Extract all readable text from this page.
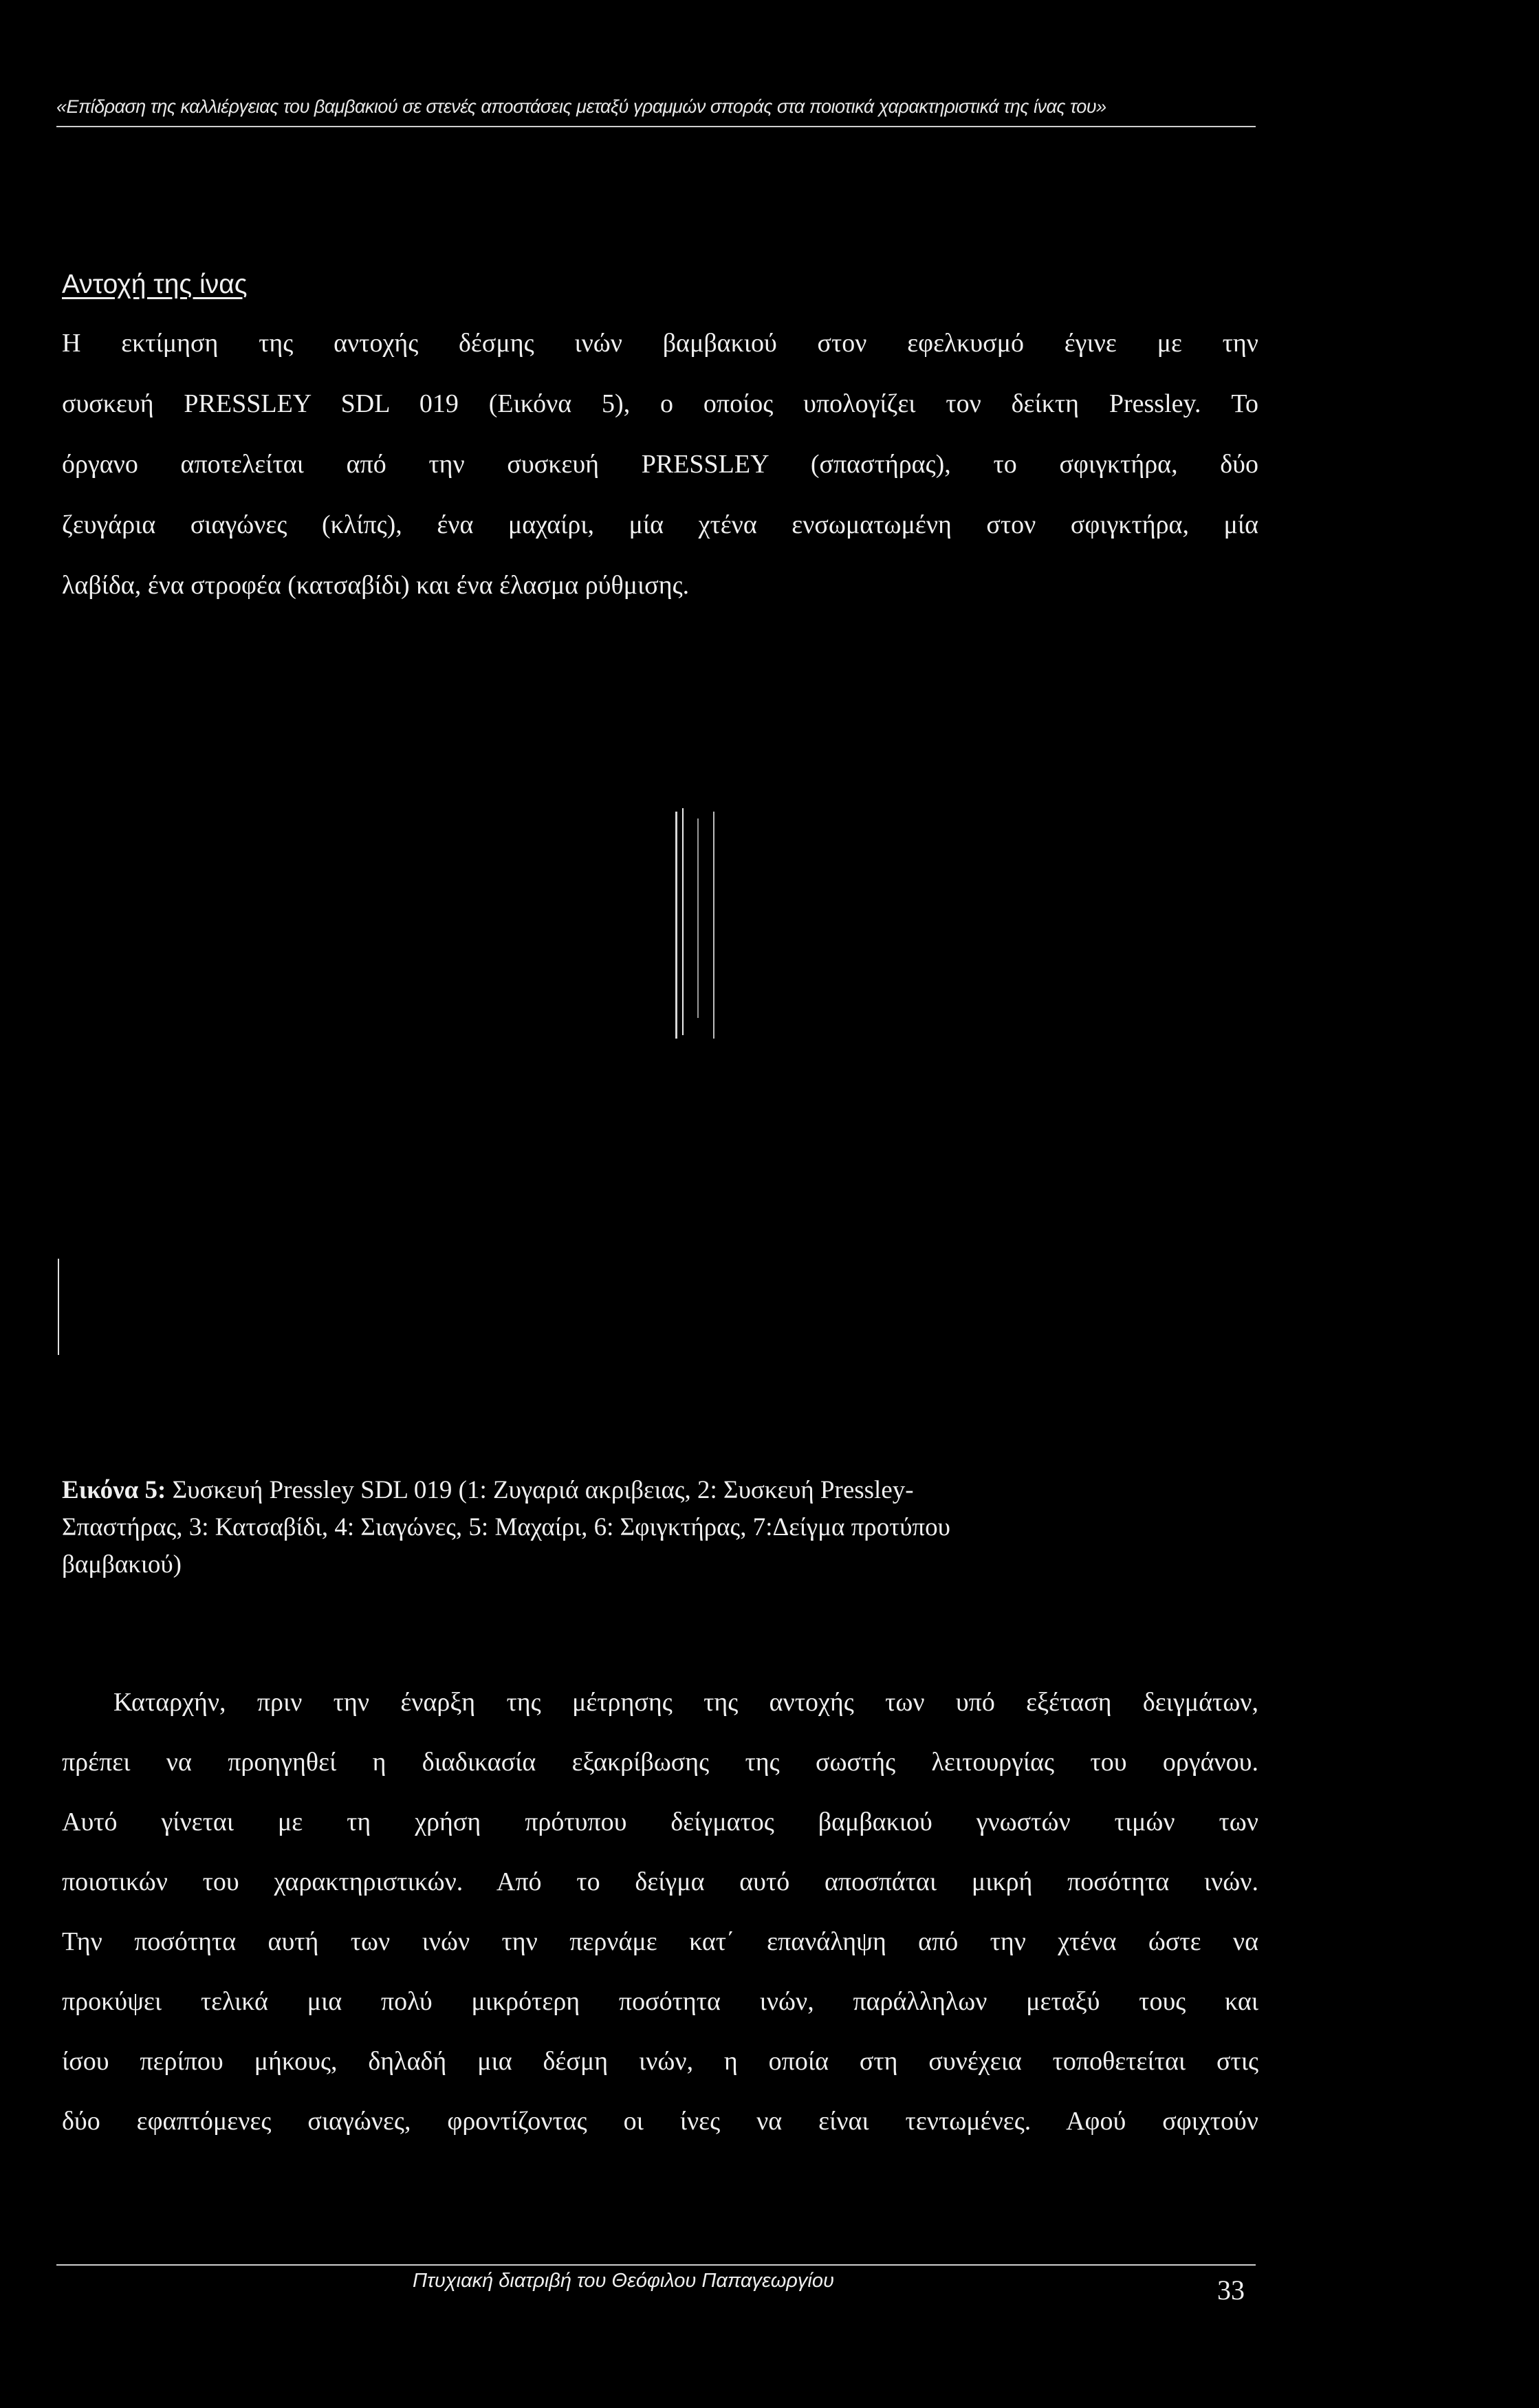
«Επίδραση της καλλιέργειας του βαμβακιού σε στενές αποστάσεις μεταξύ γραμμών σποράς στα ποιοτικά χαρακτηριστικά της ίνας του»
Αντοχή της ίνας

Η εκτίμηση της αντοχής δέσμης ινών βαμβακιού στον εφελκυσμό έγινε με την
συσκευή PRESSLEY SDL 019 (Εικόνα 5), ο οποίος υπολογίζει τον δείκτη Pressley. Το
όργανο αποτελείται από την συσκευή PRESSLEY (σπαστήρας), το σφιγκτήρα, δύο
ζευγάρια σιαγώνες (κλίπς), ένα μαχαίρι, μία χτένα ενσωματωμένη στον σφιγκτήρα, μία
λαβίδα, ένα στροφέα (κατσαβίδι) και ένα έλασμα ρύθμισης.

Εικόνα 5: Συσκευή Pressley SDL 019 (1: Ζυγαριά ακριβειας, 2: Συσκευή Pressley-
Σπαστήρας, 3: Κατσαβίδι, 4: Σιαγώνες, 5: Μαχαίρι, 6: Σφιγκτήρας, 7:Δείγμα προτύπου
βαμβακιού)

Καταρχήν, πριν την έναρξη της μέτρησης της αντοχής των υπό εξέταση δειγμάτων,
πρέπει να προηγηθεί η διαδικασία εξακρίβωσης της σωστής λειτουργίας του οργάνου.
Αυτό γίνεται με τη χρήση πρότυπου δείγματος βαμβακιού γνωστών τιμών των
ποιοτικών του χαρακτηριστικών. Από το δείγμα αυτό αποσπάται μικρή ποσότητα ινών.
Την ποσότητα αυτή των ινών την περνάμε κατ΄ επανάληψη από την χτένα ώστε να
προκύψει τελικά μια πολύ μικρότερη ποσότητα ινών, παράλληλων μεταξύ τους και
ίσου περίπου μήκους, δηλαδή μια δέσμη ινών, η οποία στη συνέχεια τοποθετείται στις
δύο εφαπτόμενες σιαγώνες, φροντίζοντας οι ίνες να είναι τεντωμένες. Αφού σφιχτούν

Πτυχιακή διατριβή του Θεόφιλου Παπαγεωργίου	33
